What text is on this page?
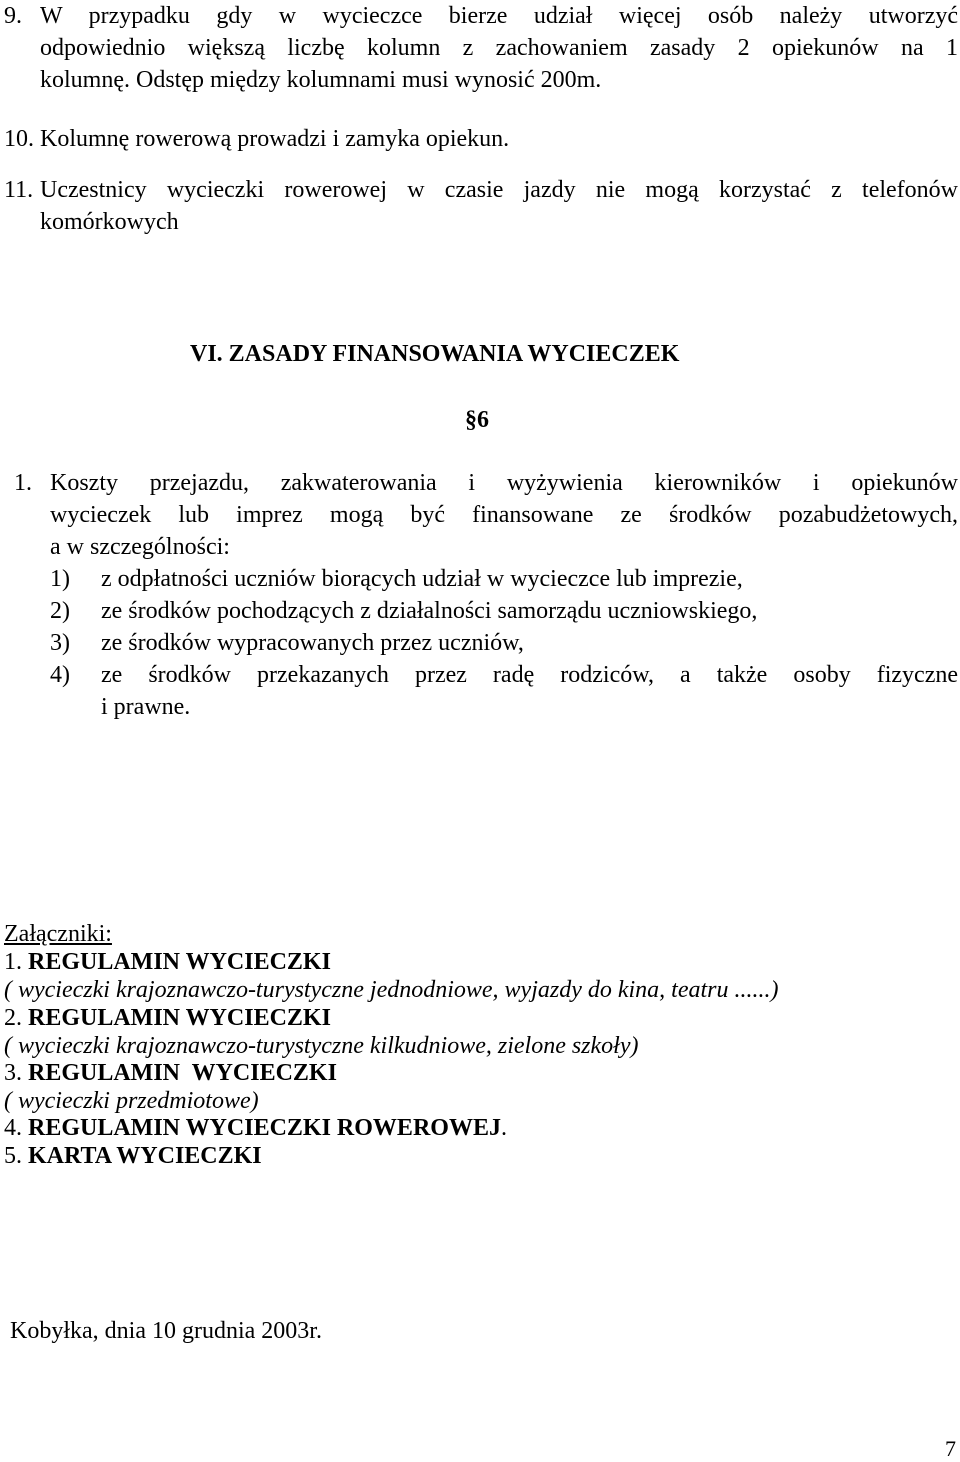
9. W przypadku gdy w wycieczce bierze udział więcej osób należy utworzyć
odpowiednio większą liczbę kolumn z zachowaniem zasady 2 opiekunów na 1
kolumnę. Odstęp między kolumnami musi wynosić 200m.
10. Kolumnę rowerową prowadzi i zamyka opiekun.
11. Uczestnicy wycieczki rowerowej w czasie jazdy nie mogą korzystać z telefonów
komórkowych
VI. ZASADY FINANSOWANIA WYCIECZEK
§6
1. Koszty przejazdu, zakwaterowania i wyżywienia kierowników i opiekunów
wycieczek lub imprez mogą być finansowane ze środków pozabudżetowych,
a w szczególności:
1) z odpłatności uczniów biorących udział w wycieczce lub imprezie,
2) ze środków pochodzących z działalności samorządu uczniowskiego,
3) ze środków wypracowanych przez uczniów,
4) ze środków przekazanych przez radę rodziców, a także osoby fizyczne
i prawne.
Załączniki:
1. REGULAMIN WYCIECZKI
( wycieczki krajoznawczo-turystyczne jednodniowe, wyjazdy do kina, teatru ......)
2. REGULAMIN WYCIECZKI
( wycieczki krajoznawczo-turystyczne kilkudniowe, zielone szkoły)
3. REGULAMIN  WYCIECZKI
( wycieczki przedmiotowe)
4. REGULAMIN WYCIECZKI ROWEROWEJ.
5. KARTA WYCIECZKI
Kobyłka, dnia 10 grudnia 2003r.
7
